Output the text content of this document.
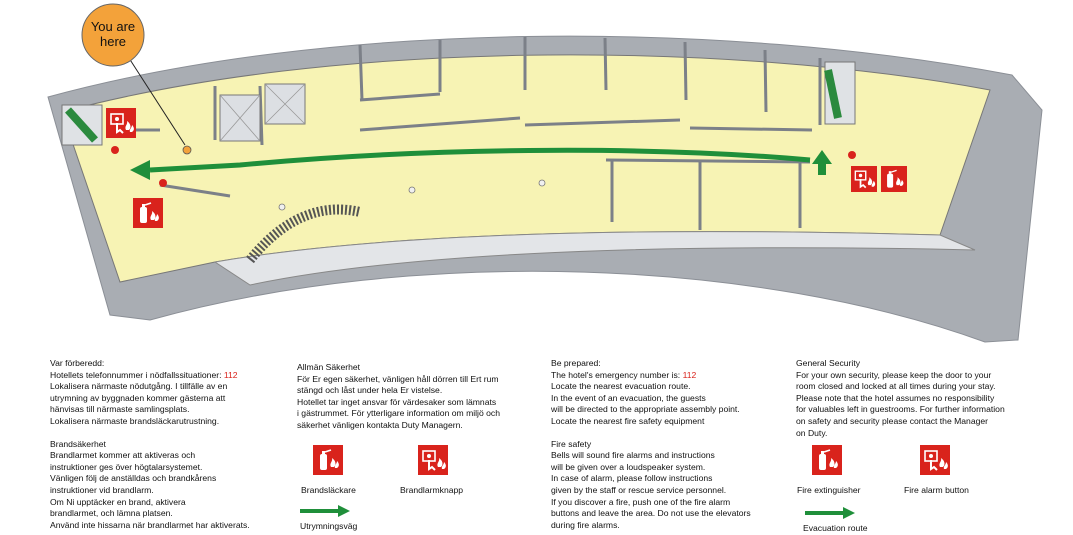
You are here

Var förberedd:

Hotellets telefonnummer i nödfallssituationer: 112

Lokalisera närmaste nödutgång. I tillfälle av en
utrymning av byggnaden kommer gästerna att
hänvisas till närmaste samlingsplats.
Lokalisera närmaste brandsläckarutrustning.

Brandsäkerhet

Brandlarmet kommer att aktiveras och
instruktioner ges över högtalarsystemet.
Vänligen följ de anställdas och brandkårens
instruktioner vid brandlarm.
Om Ni upptäcker en brand, aktivera
brandlarmet, och lämna platsen.
Använd inte hissarna när brandlarmet har aktiverats.

Allmän Säkerhet

För Er egen säkerhet, vänligen håll dörren till Ert rum
stängd och låst under hela Er vistelse.
Hotellet tar inget ansvar för värdesaker som lämnats
i gästrummet. För ytterligare information om miljö och
säkerhet vänligen kontakta Duty Managern.

Be prepared:

The hotel's emergency number is: 112

Locate the nearest evacuation route.
In the event of an evacuation, the guests
will be directed to the appropriate assembly point.
Locate the nearest fire safety equipment

Fire safety

Bells will sound fire alarms and instructions
will be given over a loudspeaker system.
In case of alarm, please follow instructions
given by the staff or rescue service personnel.
If you discover a fire, push one of the fire alarm
buttons and leave the area. Do not use the elevators
during fire alarms.

General Security

For your own security, please keep the door to your
room closed and locked at all times during your stay.
Please note that the hotel assumes no responsibility
for valuables left in guestrooms. For further information
on safety and security please contact the Manager
on Duty.

Brandsläckare	Brandlarmknapp
Utrymningsväg
Fire extinguisher	Fire alarm button
Evacuation route
